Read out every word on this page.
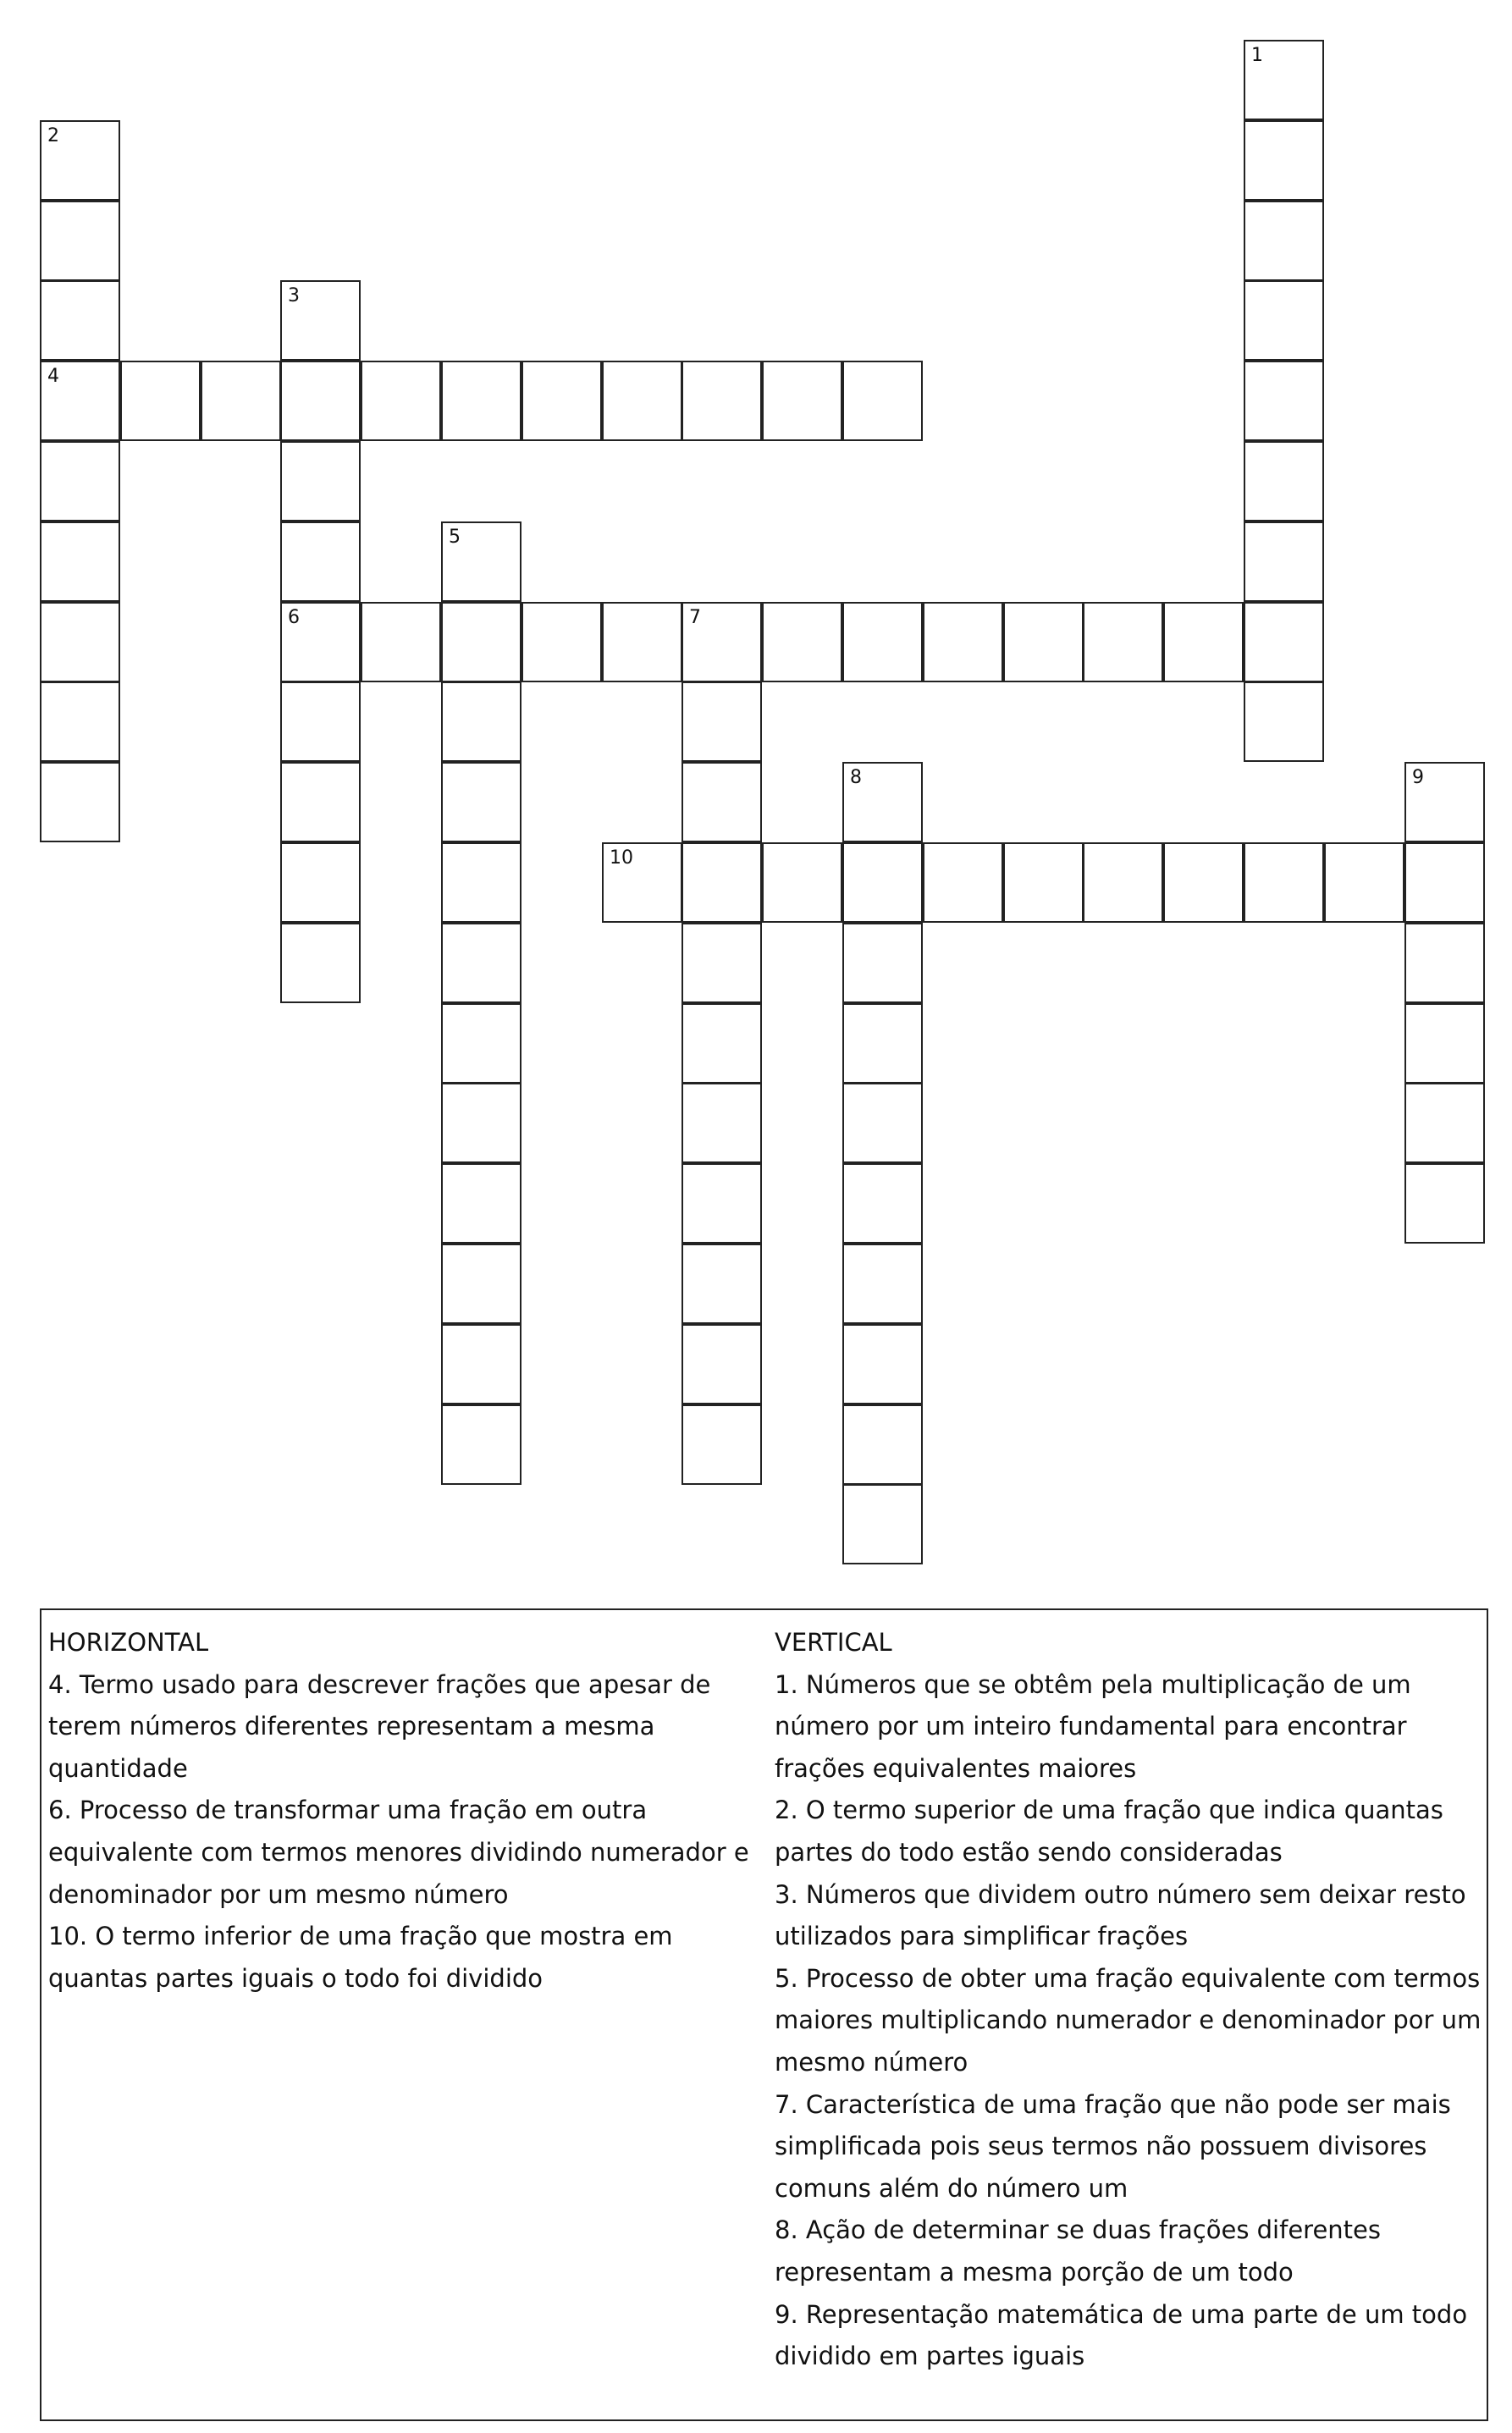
1
2
4
3
6
5
7
8	9
10
HORIZONTAL
4. Termo usado para descrever frações que apesar de terem números diferentes representam a mesma quantidade
6. Processo de transformar uma fração em outra equivalente com termos menores dividindo numerador e denominador por um mesmo número
10. O termo inferior de uma fração que mostra em quantas partes iguais o todo foi dividido
VERTICAL
1. Números que se obtêm pela multiplicação de um número por um inteiro fundamental para encontrar frações equivalentes maiores
2. O termo superior de uma fração que indica quantas partes do todo estão sendo consideradas
3. Números que dividem outro número sem deixar resto utilizados para simplificar frações
5. Processo de obter uma fração equivalente com termos maiores multiplicando numerador e denominador por um mesmo número
7. Característica de uma fração que não pode ser mais simplificada pois seus termos não possuem divisores comuns além do número um
8. Ação de determinar se duas frações diferentes representam a mesma porção de um todo
9. Representação matemática de uma parte de um todo dividido em partes iguais
